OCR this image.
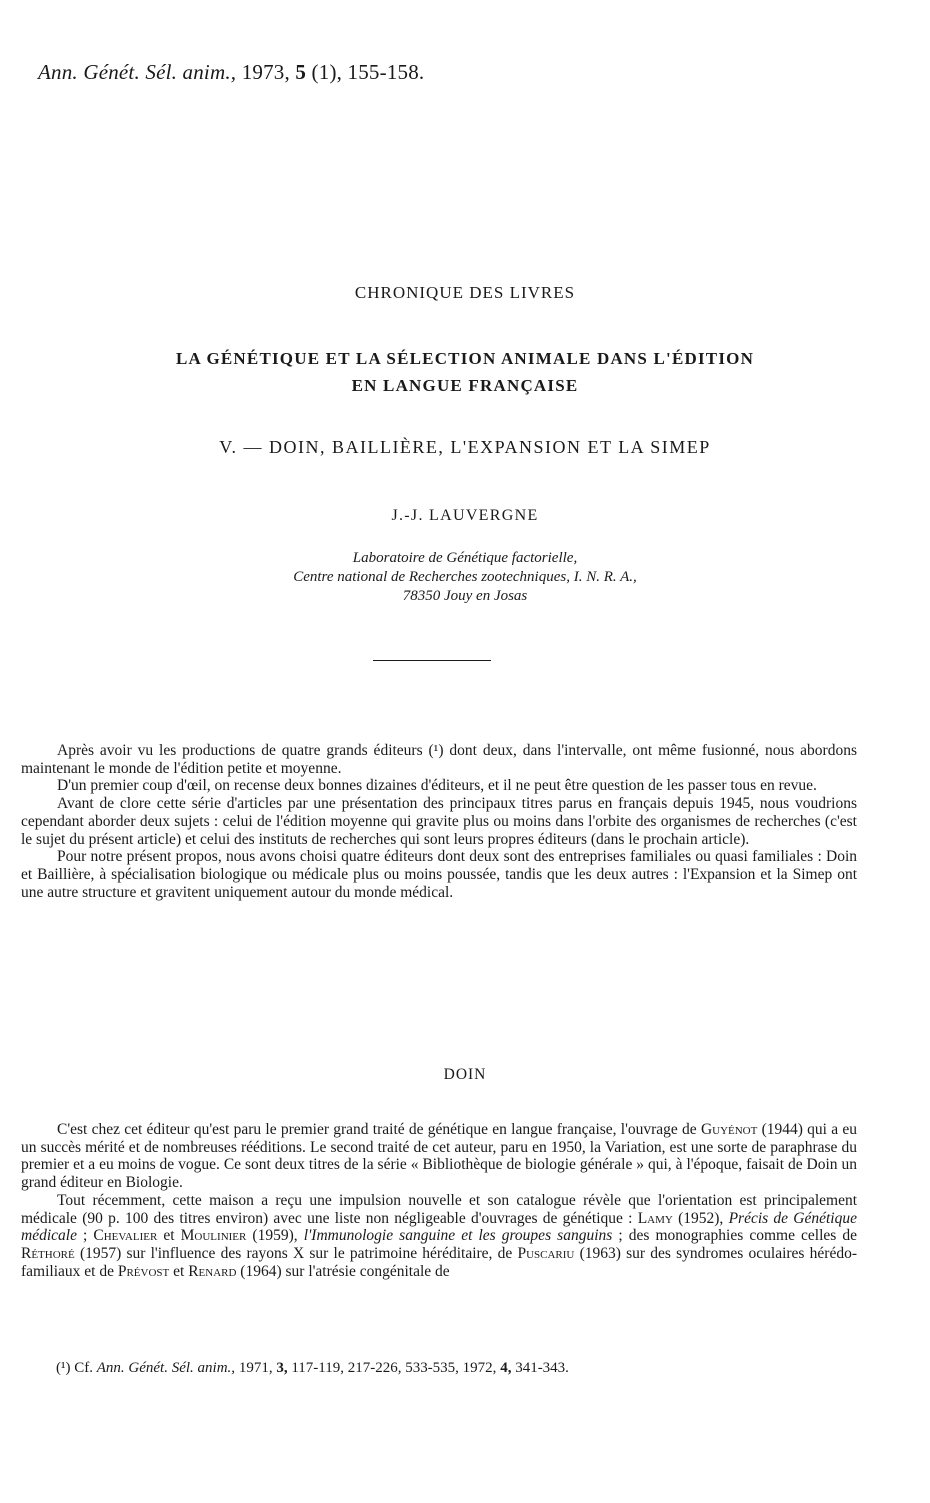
Ann. Génét. Sél. anim., 1973, 5 (1), 155-158.
CHRONIQUE DES LIVRES
LA GÉNÉTIQUE ET LA SÉLECTION ANIMALE DANS L'ÉDITION
EN LANGUE FRANÇAISE
V. — DOIN, BAILLIÈRE, L'EXPANSION ET LA SIMEP
J.-J. LAUVERGNE
Laboratoire de Génétique factorielle,
Centre national de Recherches zootechniques, I. N. R. A.,
78350 Jouy en Josas

Après avoir vu les productions de quatre grands éditeurs (¹) dont deux, dans l'intervalle, ont même fusionné, nous abordons maintenant le monde de l'édition petite et moyenne.

D'un premier coup d'œil, on recense deux bonnes dizaines d'éditeurs, et il ne peut être question de les passer tous en revue.

Avant de clore cette série d'articles par une présentation des principaux titres parus en français depuis 1945, nous voudrions cependant aborder deux sujets : celui de l'édition moyenne qui gravite plus ou moins dans l'orbite des organismes de recherches (c'est le sujet du présent article) et celui des instituts de recherches qui sont leurs propres éditeurs (dans le prochain article).

Pour notre présent propos, nous avons choisi quatre éditeurs dont deux sont des entreprises familiales ou quasi familiales : Doin et Baillière, à spécialisation biologique ou médicale plus ou moins poussée, tandis que les deux autres : l'Expansion et la Simep ont une autre structure et gravitent uniquement autour du monde médical.

DOIN

C'est chez cet éditeur qu'est paru le premier grand traité de génétique en langue française, l'ouvrage de Guyénot (1944) qui a eu un succès mérité et de nombreuses rééditions. Le second traité de cet auteur, paru en 1950, la Variation, est une sorte de paraphrase du premier et a eu moins de vogue. Ce sont deux titres de la série « Bibliothèque de biologie générale » qui, à l'époque, faisait de Doin un grand éditeur en Biologie.

Tout récemment, cette maison a reçu une impulsion nouvelle et son catalogue révèle que l'orientation est principalement médicale (90 p. 100 des titres environ) avec une liste non négligeable d'ouvrages de génétique : Lamy (1952), Précis de Génétique médicale ; Chevalier et Moulinier (1959), l'Immunologie sanguine et les groupes sanguins ; des monographies comme celles de Réthoré (1957) sur l'influence des rayons X sur le patrimoine héréditaire, de Puscariu (1963) sur des syndromes oculaires hérédo-familiaux et de Prévost et Renard (1964) sur l'atrésie congénitale de

(¹) Cf. Ann. Génét. Sél. anim., 1971, 3, 117-119, 217-226, 533-535, 1972, 4, 341-343.
